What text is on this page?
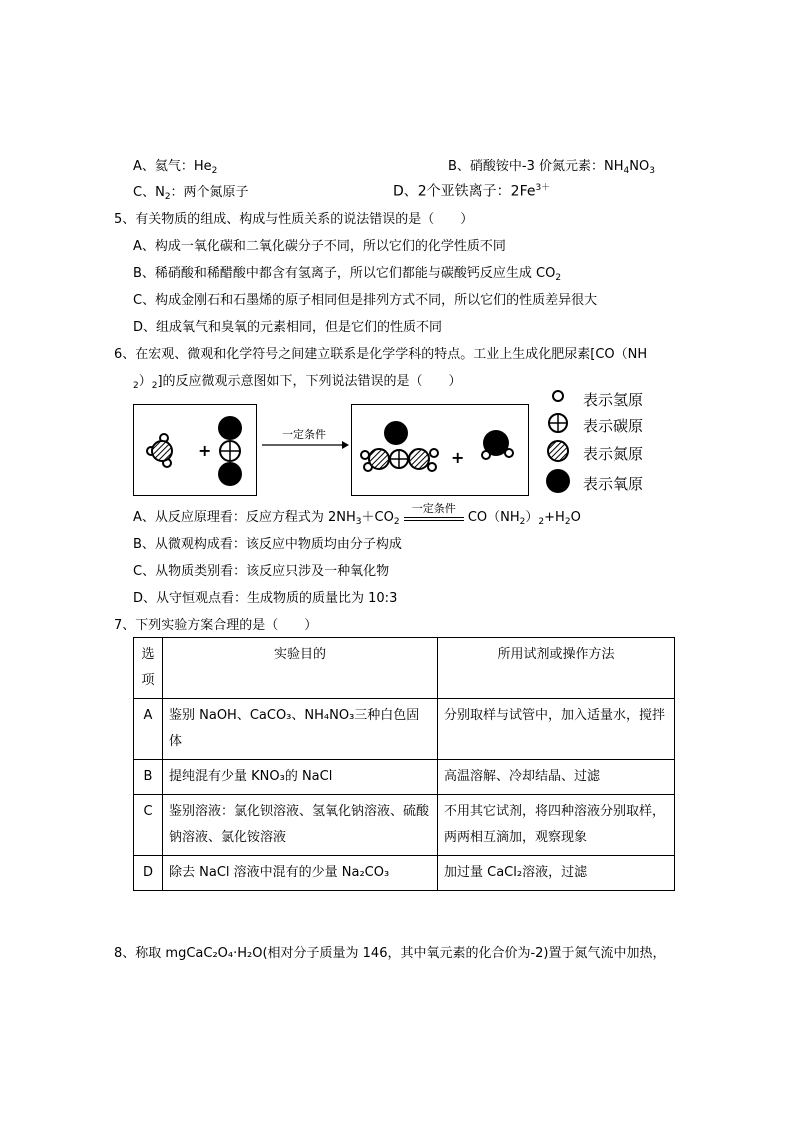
A、氦气：$He_2$	B、硝酸铵中-3 价氮元素：$NH_4NO_3$
C、$N_2$：两个氮原子	D、2个亚铁离子：$2Fe^{3+}$
5、有关物质的组成、构成与性质关系的说法错误的是（　　）
A、构成一氧化碳和二氧化碳分子不同，所以它们的化学性质不同
B、稀硝酸和稀醋酸中都含有氢离子，所以它们都能与碳酸钙反应生成 $CO_2$
C、构成金刚石和石墨烯的原子相同但是排列方式不同，所以它们的性质差异很大
D、组成氧气和臭氧的元素相同，但是它们的性质不同
6、在宏观、微观和化学符号之间建立联系是化学学科的特点。工业上生成化肥尿素[CO（NH
$_2)_2$]的反应微观示意图如下，下列说法错误的是（　　）
+
一定条件
+
表示氢原
表示碳原
表示氮原
表示氧原
A、从反应原理看：反应方程式为 $2NH_3+CO_2$
一定条件
$CO(NH_2)_2+H_2O$
B、从微观构成看：该反应中物质均由分子构成
C、从物质类别看：该反应只涉及一种氧化物
D、从守恒观点看：生成物质的质量比为 10:3
7、下列实验方案合理的是（　　）
选项	实验目的	所用试剂或操作方法
A	鉴别 NaOH、CaCO₃、NH₄NO₃三种白色固体	分别取样与试管中，加入适量水，搅拌
B	提纯混有少量 KNO₃的 NaCl	高温溶解、冷却结晶、过滤
C	鉴别溶液：氯化钡溶液、氢氧化钠溶液、硫酸钠溶液、氯化铵溶液	不用其它试剂，将四种溶液分别取样，两两相互滴加，观察现象
D	除去 NaCl 溶液中混有的少量 Na₂CO₃	加过量 CaCl₂溶液，过滤
8、称取 mgCaC₂O₄·H₂O(相对分子质量为 146，其中氧元素的化合价为-2)置于氮气流中加热，
